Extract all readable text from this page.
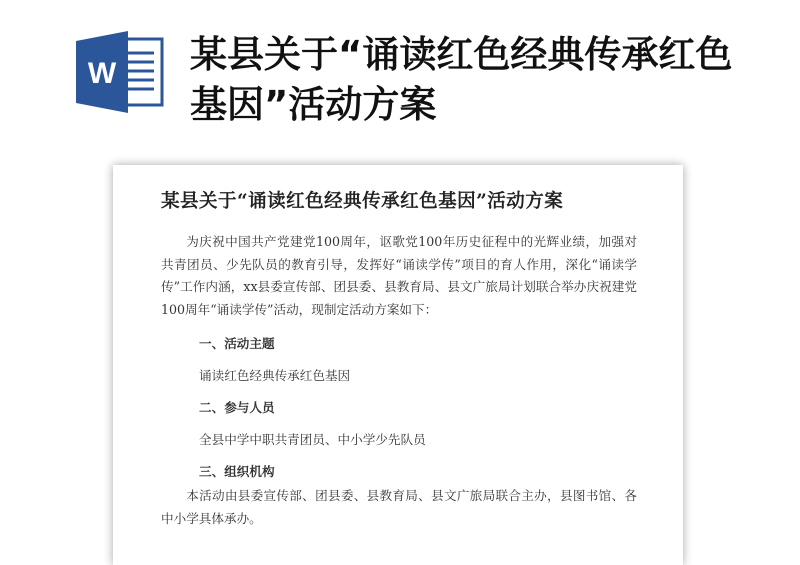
W 某县关于“诵读红色经典传承红色基因”活动方案
某县关于“诵读红色经典传承红色基因”活动方案

为庆祝中国共产党建党100周年，讴歌党100年历史征程中的光辉业绩，加强对共青团员、少先队员的教育引导，发挥好“诵读学传”项目的育人作用，深化“诵读学传”工作内涵，xx县委宣传部、团县委、县教育局、县文广旅局计划联合举办庆祝建党100周年“诵读学传”活动，现制定活动方案如下：

一、活动主题

诵读红色经典传承红色基因

二、参与人员

全县中学中职共青团员、中小学少先队员

三、组织机构

本活动由县委宣传部、团县委、县教育局、县文广旅局联合主办，县图书馆、各中小学具体承办。
